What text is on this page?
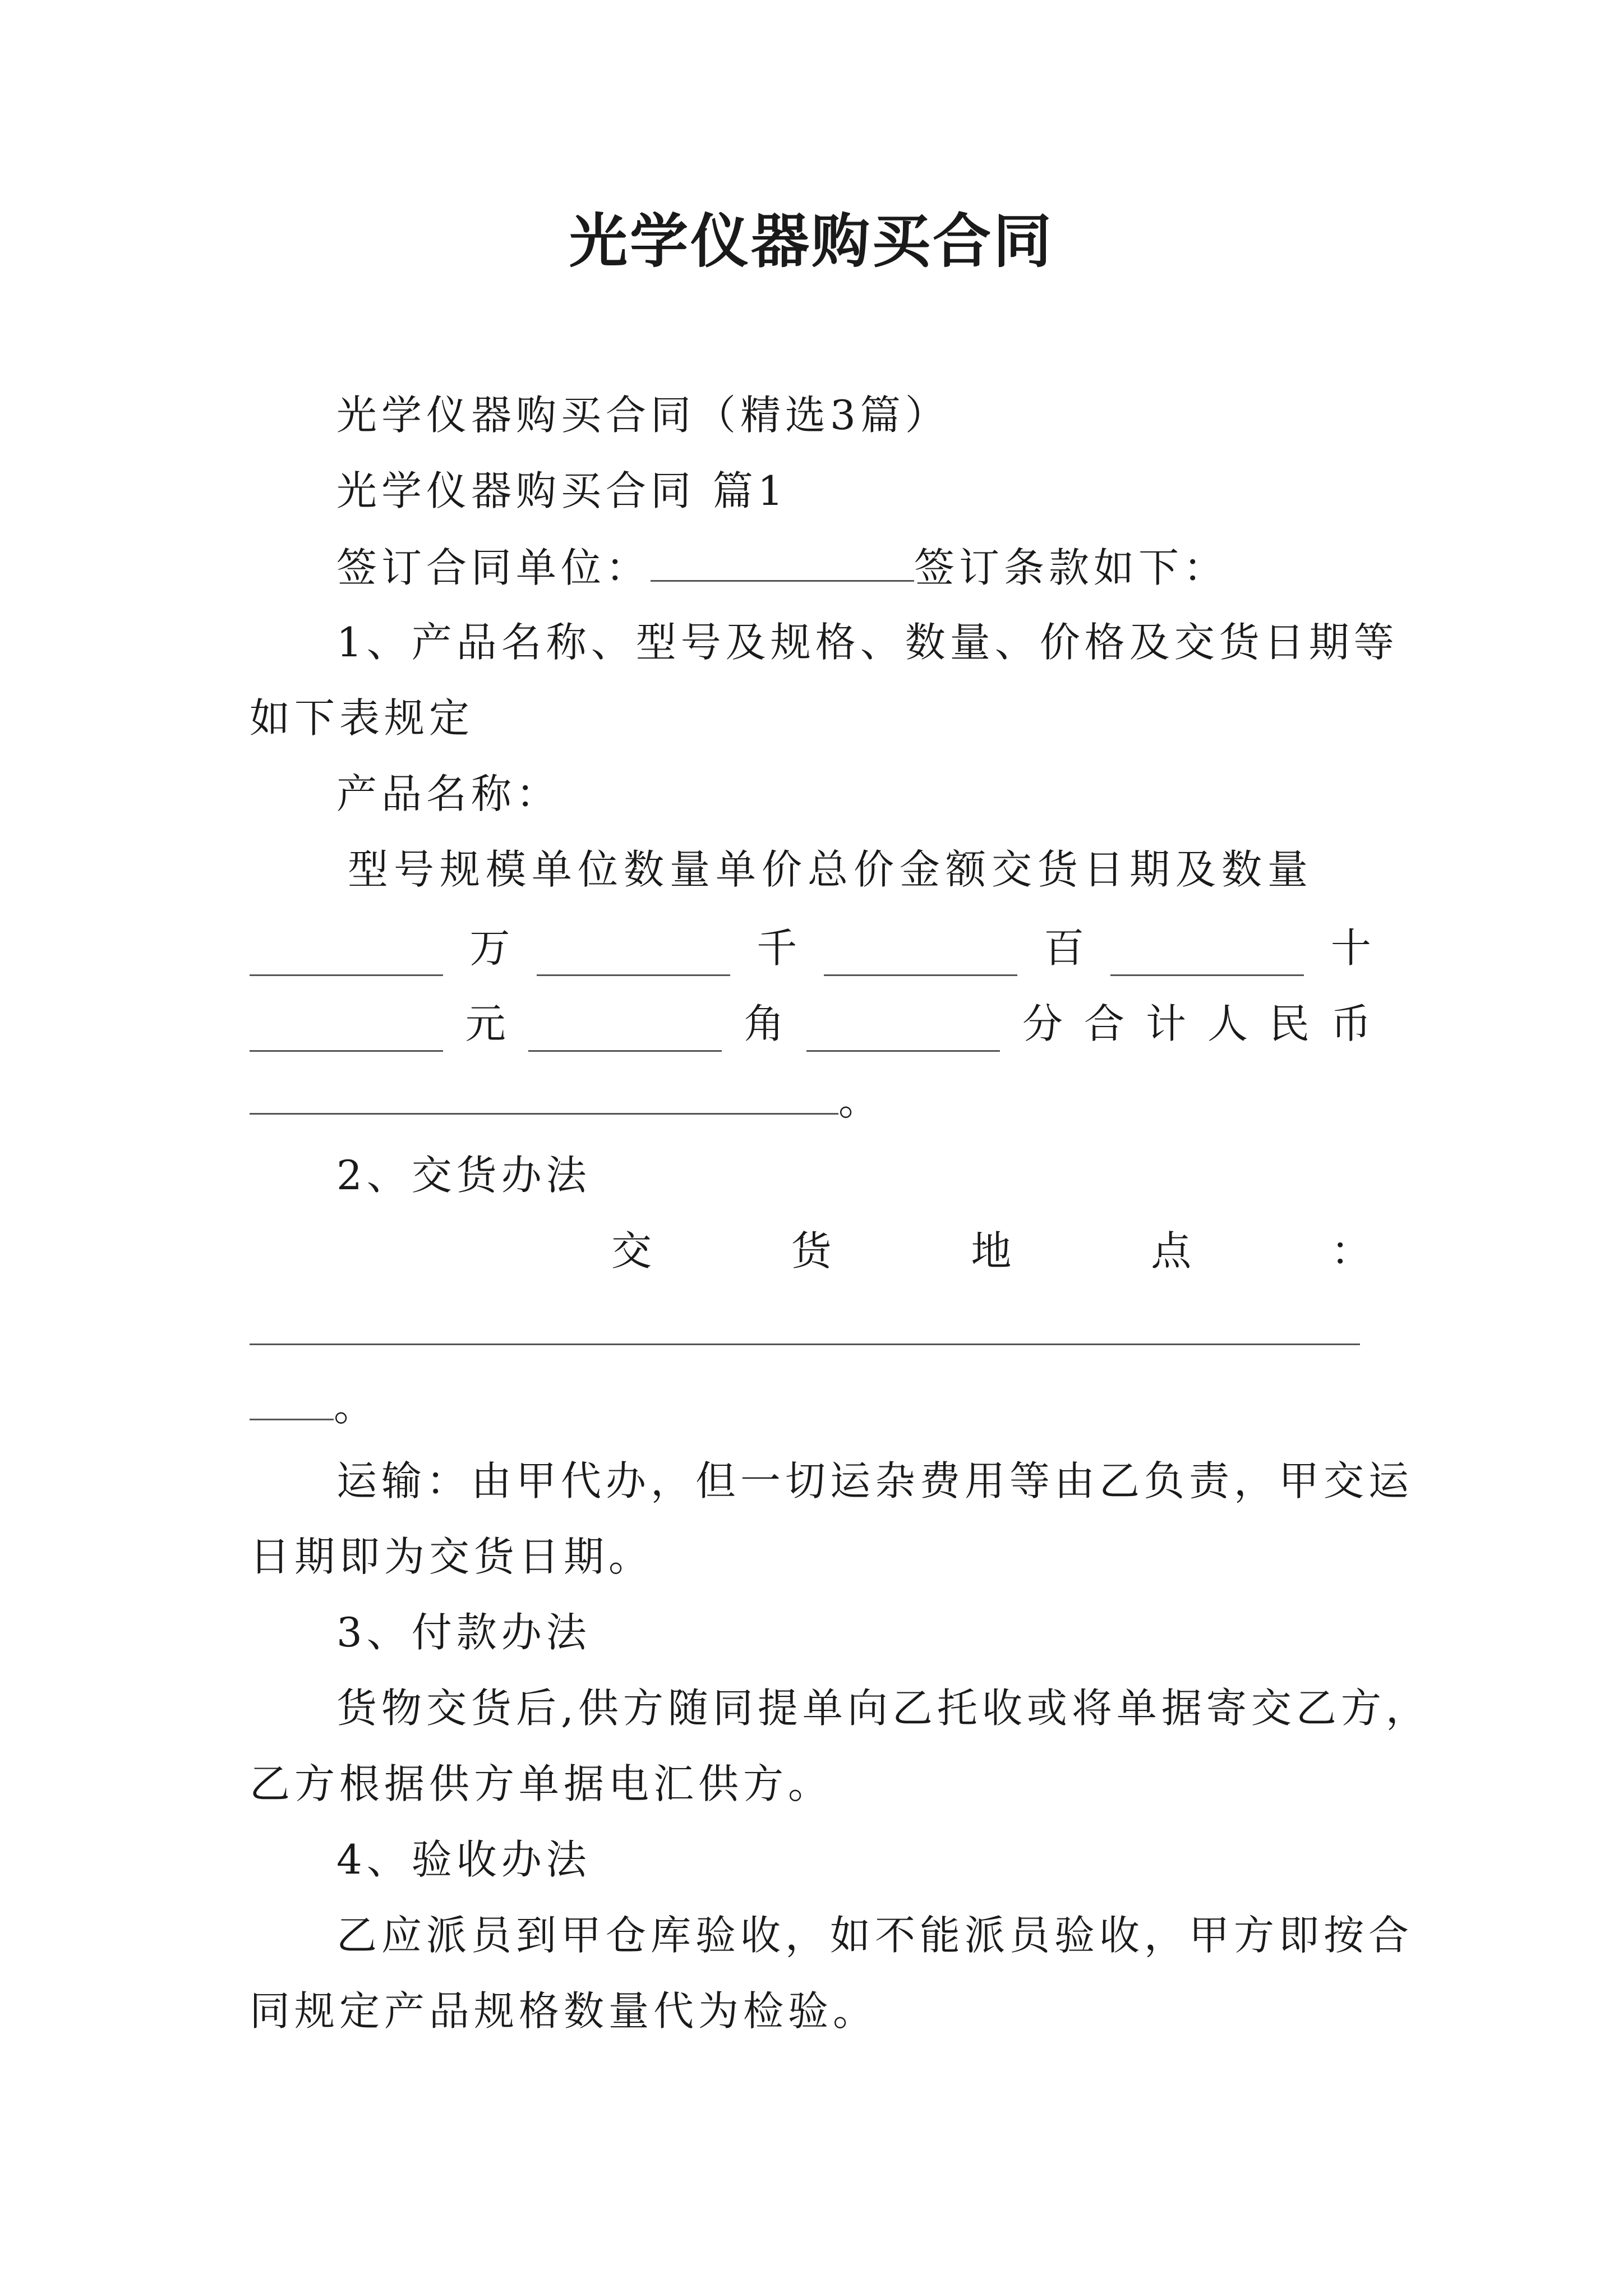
光学仪器购买合同
光学仪器购买合同（精选3篇）
光学仪器购买合同 篇1
签订合同单位：	签订条款如下：
1、产品名称、型号及规格、数量、价格及交货日期等
如下表规定
产品名称：
型号规模单位数量单价总价金额交货日期及数量
万	千	百	十
元	角	分合计人民币
。
2、交货办法
交	货	地	点	：
。
运输：由甲代办，但一切运杂费用等由乙负责，甲交运
日期即为交货日期。
3、付款办法
货物交货后,供方随同提单向乙托收或将单据寄交乙方，
乙方根据供方单据电汇供方。
4、验收办法
乙应派员到甲仓库验收，如不能派员验收，甲方即按合
同规定产品规格数量代为检验。
